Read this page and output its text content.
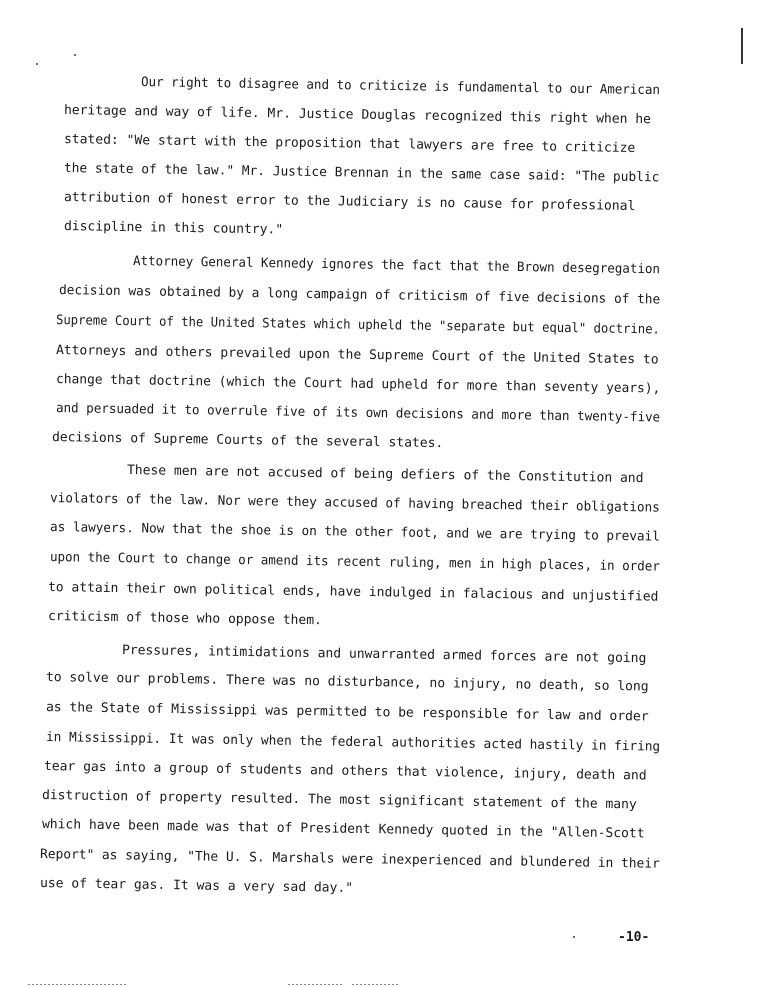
Our right to disagree and to criticize is fundamental to our American
heritage and way of life. Mr. Justice Douglas recognized this right when he
stated: "We start with the proposition that lawyers are free to criticize
the state of the law." Mr. Justice Brennan in the same case said: "The public
attribution of honest error to the Judiciary is no cause for professional
discipline in this country."
Attorney General Kennedy ignores the fact that the Brown desegregation
decision was obtained by a long campaign of criticism of five decisions of the
Supreme Court of the United States which upheld the "separate but equal" doctrine.
Attorneys and others prevailed upon the Supreme Court of the United States to
change that doctrine (which the Court had upheld for more than seventy years),
and persuaded it to overrule five of its own decisions and more than twenty-five
decisions of Supreme Courts of the several states.
These men are not accused of being defiers of the Constitution and
violators of the law. Nor were they accused of having breached their obligations
as lawyers. Now that the shoe is on the other foot, and we are trying to prevail
upon the Court to change or amend its recent ruling, men in high places, in order
to attain their own political ends, have indulged in falacious and unjustified
criticism of those who oppose them.
Pressures, intimidations and unwarranted armed forces are not going
to solve our problems. There was no disturbance, no injury, no death, so long
as the State of Mississippi was permitted to be responsible for law and order
in Mississippi. It was only when the federal authorities acted hastily in firing
tear gas into a group of students and others that violence, injury, death and
distruction of property resulted. The most significant statement of the many
which have been made was that of President Kennedy quoted in the "Allen-Scott
Report" as saying, "The U. S. Marshals were inexperienced and blundered in their
use of tear gas. It was a very sad day."
-10-
